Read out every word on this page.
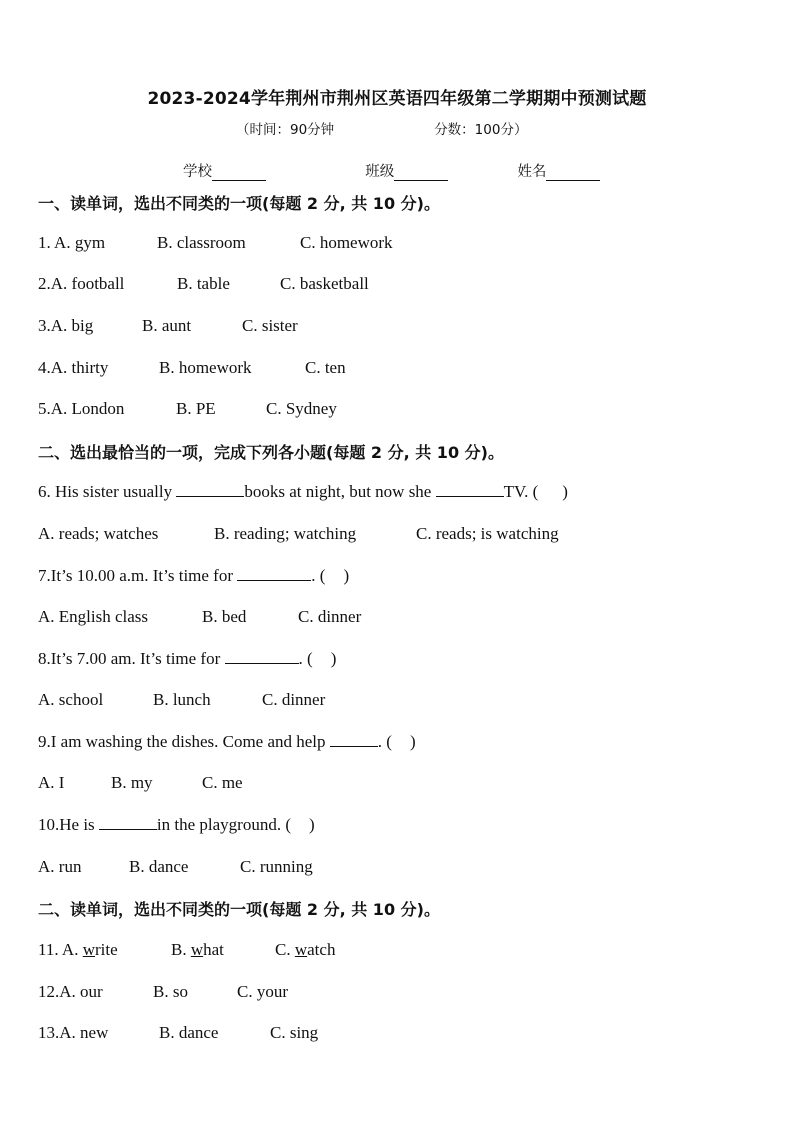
2023-2024学年荆州市荆州区英语四年级第二学期期中预测试题
（时间：90分钟	分数：100分）
学校	班级	姓名
一、读单词，选出不同类的一项(每题 2 分, 共 10 分)。
1. A. gym	B. classroom	C. homework
2.A. football	B. table	C. basketball
3.A. big	B. aunt	C. sister
4.A. thirty	B. homework	C. ten
5.A. London	B. PE	C. Sydney
二、选出最恰当的一项，完成下列各小题(每题 2 分, 共 10 分)。
6. His sister usually	books at night, but now she	TV. ( )
A. reads; watches	B. reading; watching	C. reads; is watching
7.It’s 10.00 a.m. It’s time for	. ( )
A. English class	B. bed	C. dinner
8.It’s 7.00 am. It’s time for	. ( )
A. school	B. lunch	C. dinner
9.I am washing the dishes. Come and help	. ( )
A. I	B. my	C. me
10.He is	in the playground. ( )
A. run	B. dance	C. running
二、读单词，选出不同类的一项(每题 2 分, 共 10 分)。
11. A. write	B. what	C. watch
12.A. our	B. so	C. your
13.A. new	B. dance	C. sing
